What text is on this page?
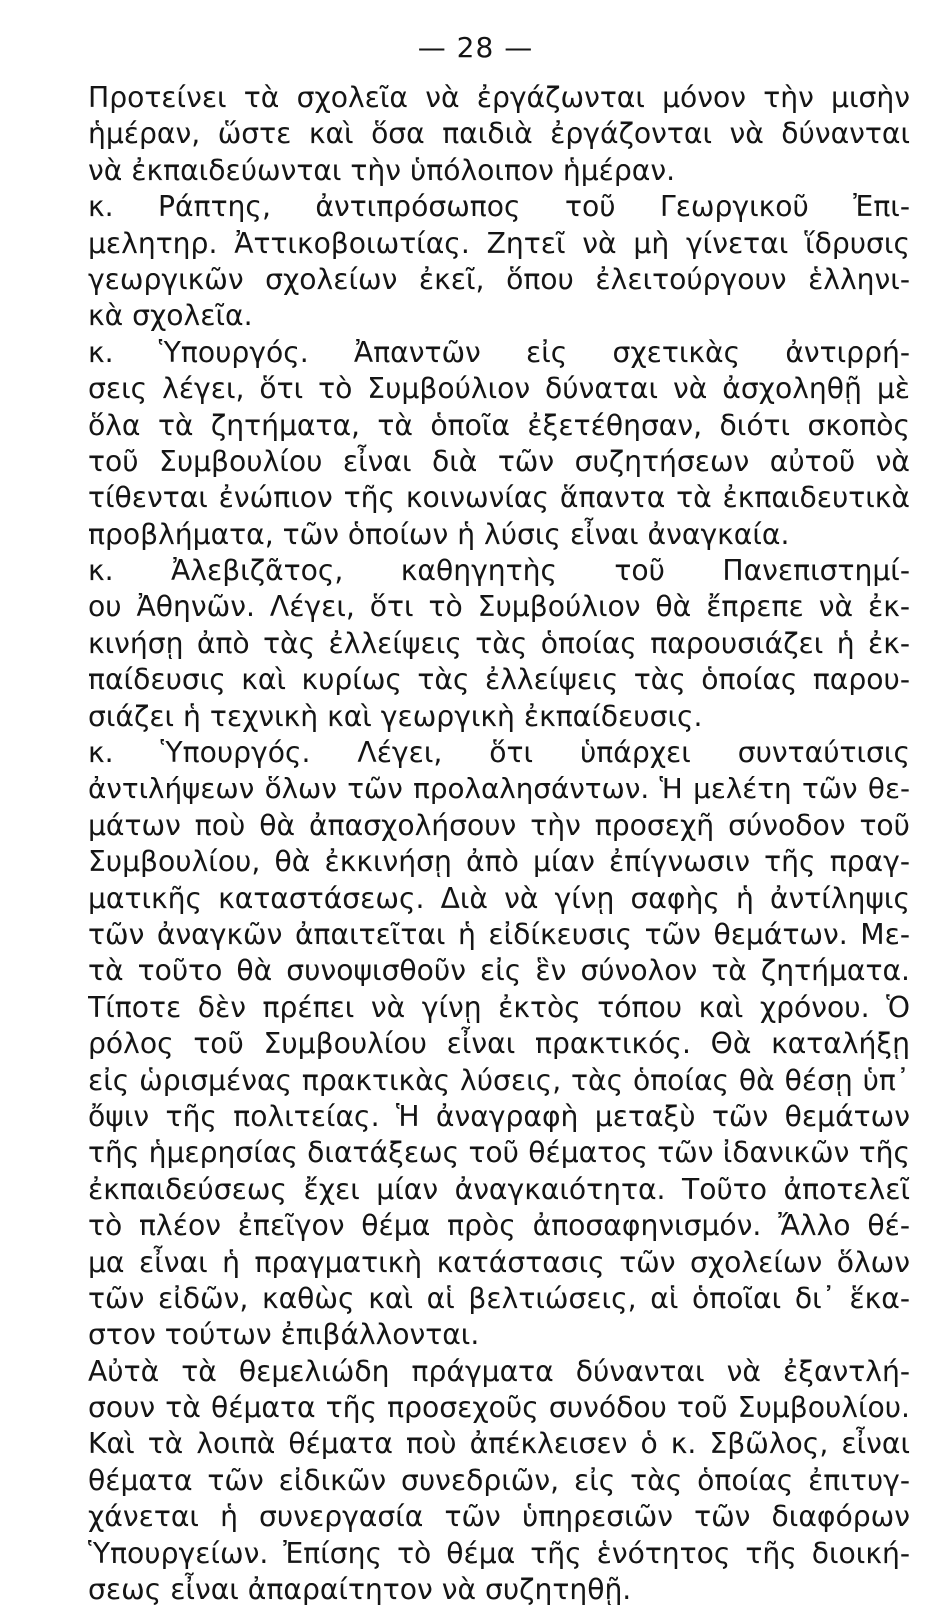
— 28 —
Προτείνει τὰ σχολεῖα νὰ ἐργάζωνται μόνον τὴν μισὴν
ἡμέραν, ὥστε καὶ ὅσα παιδιὰ ἐργάζονται νὰ δύνανται
νὰ ἐκπαιδεύωνται τὴν ὑπόλοιπον ἡμέραν.
κ. Ράπτης, ἀντιπρόσωπος τοῦ Γεωργικοῦ Ἐπι-
μελητηρ. Ἀττικοβοιωτίας. Ζητεῖ νὰ μὴ γίνεται ἵδρυσις
γεωργικῶν σχολείων ἐκεῖ, ὅπου ἐλειτούργουν ἑλληνι-
κὰ σχολεῖα.
κ. Ὑπουργός. Ἀπαντῶν εἰς σχετικὰς ἀντιρρή-
σεις λέγει, ὅτι τὸ Συμβούλιον δύναται νὰ ἀσχοληθῇ μὲ
ὅλα τὰ ζητήματα, τὰ ὁποῖα ἐξετέθησαν, διότι σκοπὸς
τοῦ Συμβουλίου εἶναι διὰ τῶν συζητήσεων αὐτοῦ νὰ
τίθενται ἐνώπιον τῆς κοινωνίας ἅπαντα τὰ ἐκπαιδευτικὰ
προβλήματα, τῶν ὁποίων ἡ λύσις εἶναι ἀναγκαία.
κ. Ἀλεβιζᾶτος, καθηγητὴς τοῦ Πανεπιστημί-
ου Ἀθηνῶν. Λέγει, ὅτι τὸ Συμβούλιον θὰ ἔπρεπε νὰ ἐκ-
κινήσῃ ἀπὸ τὰς ἐλλείψεις τὰς ὁποίας παρουσιάζει ἡ ἐκ-
παίδευσις καὶ κυρίως τὰς ἐλλείψεις τὰς ὁποίας παρου-
σιάζει ἡ τεχνικὴ καὶ γεωργικὴ ἐκπαίδευσις.
κ. Ὑπουργός. Λέγει, ὅτι ὑπάρχει συνταύτισις
ἀντιλήψεων ὅλων τῶν προλαλησάντων. Ἡ μελέτη τῶν θε-
μάτων ποὺ θὰ ἀπασχολήσουν τὴν προσεχῆ σύνοδον τοῦ
Συμβουλίου, θὰ ἐκκινήσῃ ἀπὸ μίαν ἐπίγνωσιν τῆς πραγ-
ματικῆς καταστάσεως. Διὰ νὰ γίνῃ σαφὴς ἡ ἀντίληψις
τῶν ἀναγκῶν ἀπαιτεῖται ἡ εἰδίκευσις τῶν θεμάτων. Με-
τὰ τοῦτο θὰ συνοψισθοῦν εἰς ἓν σύνολον τὰ ζητήματα.
Τίποτε δὲν πρέπει νὰ γίνῃ ἐκτὸς τόπου καὶ χρόνου. Ὁ
ρόλος τοῦ Συμβουλίου εἶναι πρακτικός. Θὰ καταλήξῃ
εἰς ὡρισμένας πρακτικὰς λύσεις, τὰς ὁποίας θὰ θέσῃ ὑπ᾽
ὄψιν τῆς πολιτείας. Ἡ ἀναγραφὴ μεταξὺ τῶν θεμάτων
τῆς ἡμερησίας διατάξεως τοῦ θέματος τῶν ἰδανικῶν τῆς
ἐκπαιδεύσεως ἔχει μίαν ἀναγκαιότητα. Τοῦτο ἀποτελεῖ
τὸ πλέον ἐπεῖγον θέμα πρὸς ἀποσαφηνισμόν. Ἄλλο θέ-
μα εἶναι ἡ πραγματικὴ κατάστασις τῶν σχολείων ὅλων
τῶν εἰδῶν, καθὼς καὶ αἱ βελτιώσεις, αἱ ὁποῖαι δι᾽ ἕκα-
στον τούτων ἐπιβάλλονται.
Αὐτὰ τὰ θεμελιώδη πράγματα δύνανται νὰ ἐξαντλή-
σουν τὰ θέματα τῆς προσεχοῦς συνόδου τοῦ Συμβουλίου.
Καὶ τὰ λοιπὰ θέματα ποὺ ἀπέκλεισεν ὁ κ. Σβῶλος, εἶναι
θέματα τῶν εἰδικῶν συνεδριῶν, εἰς τὰς ὁποίας ἐπιτυγ-
χάνεται ἡ συνεργασία τῶν ὑπηρεσιῶν τῶν διαφόρων
Ὑπουργείων. Ἐπίσης τὸ θέμα τῆς ἑνότητος τῆς διοική-
σεως εἶναι ἀπαραίτητον νὰ συζητηθῇ.
